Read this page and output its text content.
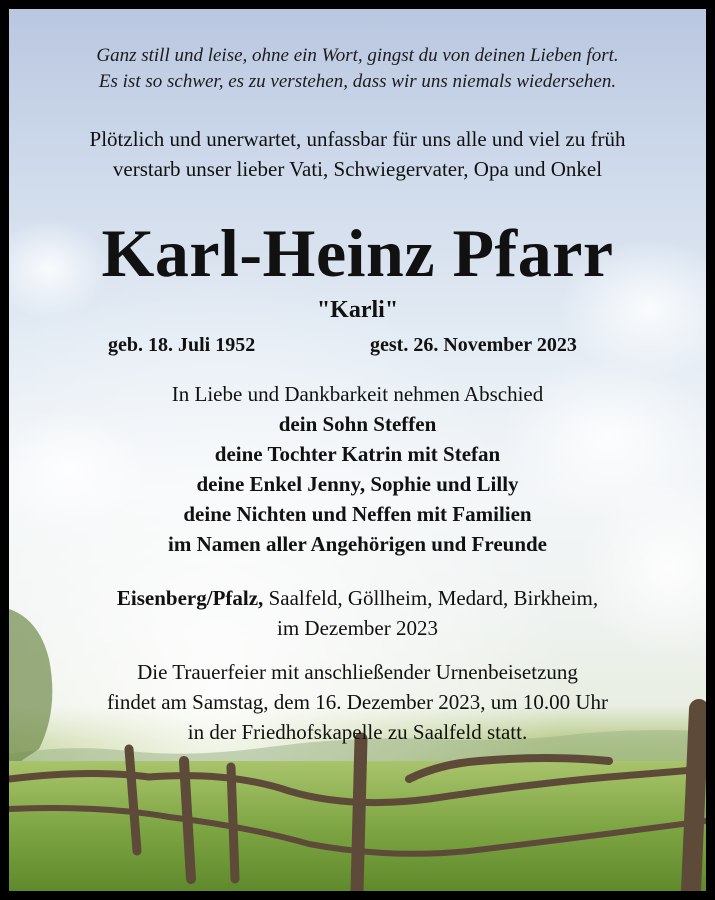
Ganz still und leise, ohne ein Wort, gingst du von deinen Lieben fort.
Es ist so schwer, es zu verstehen, dass wir uns niemals wiedersehen.
Plötzlich und unerwartet, unfassbar für uns alle und viel zu früh
verstarb unser lieber Vati, Schwiegervater, Opa und Onkel
Karl-Heinz Pfarr
"Karli"
geb. 18. Juli 1952	gest. 26. November 2023
In Liebe und Dankbarkeit nehmen Abschied
dein Sohn Steffen
deine Tochter Katrin mit Stefan
deine Enkel Jenny, Sophie und Lilly
deine Nichten und Neffen mit Familien
im Namen aller Angehörigen und Freunde
Eisenberg/Pfalz, Saalfeld, Göllheim, Medard, Birkheim,
im Dezember 2023
Die Trauerfeier mit anschließender Urnenbeisetzung
findet am Samstag, dem 16. Dezember 2023, um 10.00 Uhr
in der Friedhofskapelle zu Saalfeld statt.
